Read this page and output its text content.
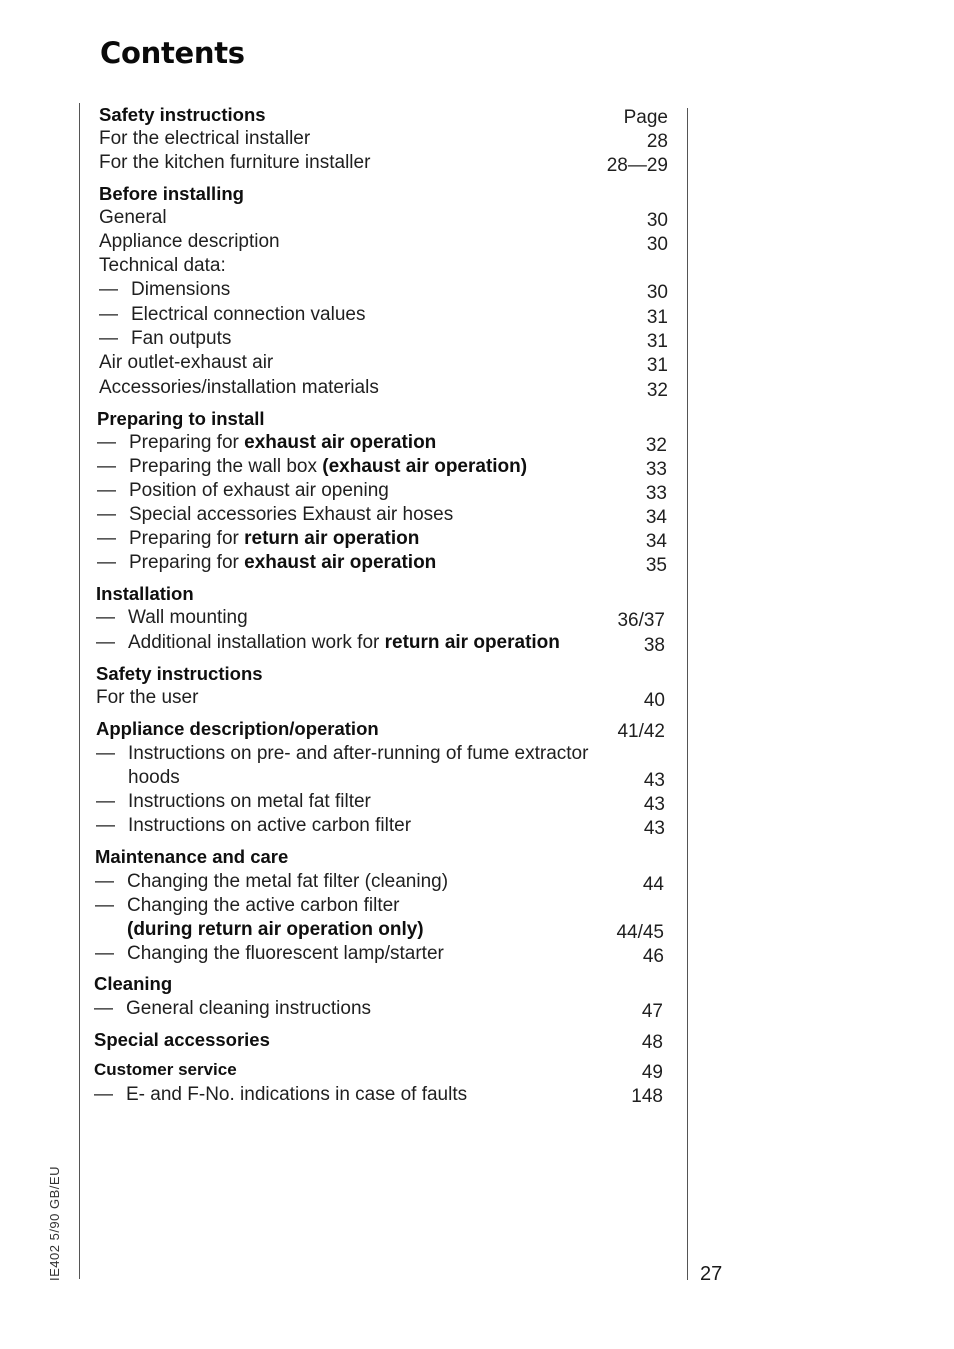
Contents
IE402 5/90 GB/EU	27
Safety instructions	Page
For the electrical installer	28
For the kitchen furniture installer	28—29
Before installing
General	30
Appliance description	30
Technical data:
— Dimensions	30
— Electrical connection values	31
— Fan outputs	31
Air outlet-exhaust air	31
Accessories/installation materials	32
Preparing to install
— Preparing for exhaust air operation	32
— Preparing the wall box (exhaust air operation)	33
— Position of exhaust air opening	33
— Special accessories Exhaust air hoses	34
— Preparing for return air operation	34
— Preparing for exhaust air operation	35
Installation
— Wall mounting	36/37
— Additional installation work for return air operation	38
Safety instructions
For the user	40
Appliance description/operation	41/42
— Instructions on pre- and after-running of fume extractor
hoods	43
— Instructions on metal fat filter	43
— Instructions on active carbon filter	43
Maintenance and care
— Changing the metal fat filter (cleaning)	44
— Changing the active carbon filter
(during return air operation only)	44/45
— Changing the fluorescent lamp/starter	46
Cleaning
— General cleaning instructions	47
Special accessories	48
Customer service	49
— E- and F-No. indications in case of faults	148
